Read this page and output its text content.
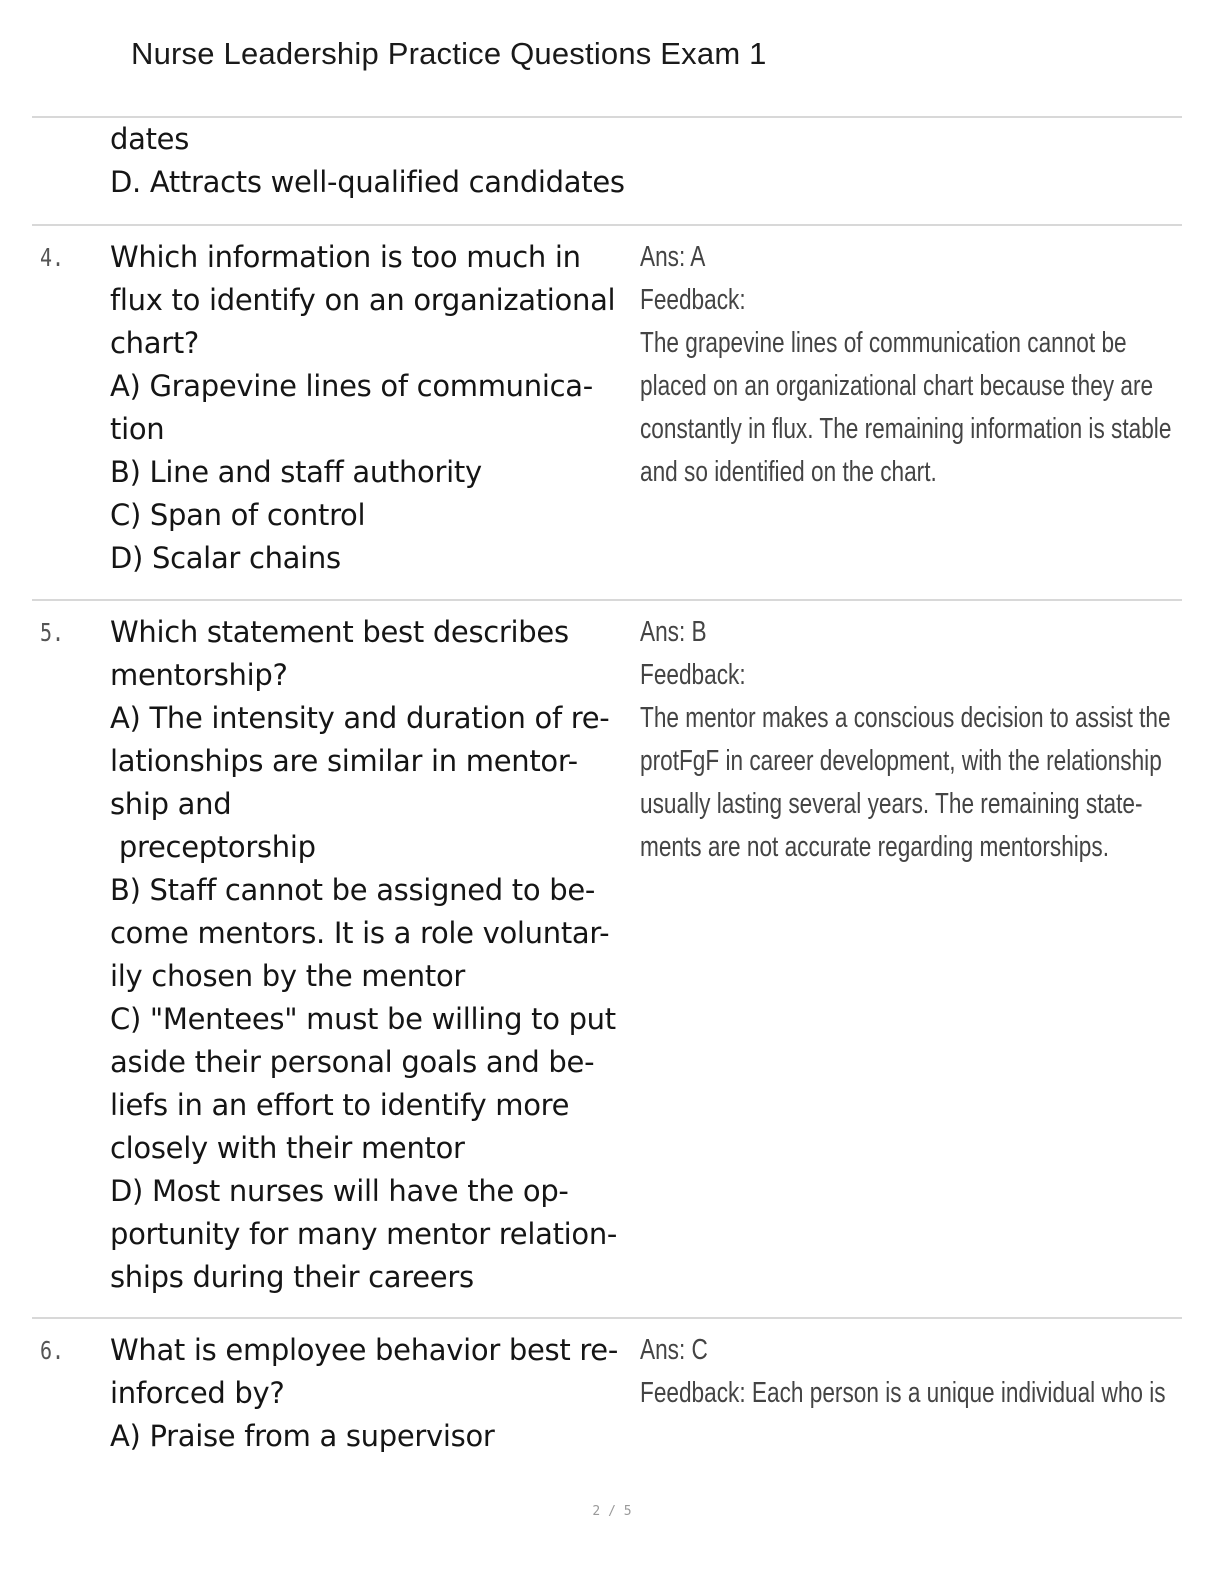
Nurse Leadership Practice Questions Exam 1
dates
D. Attracts well-qualified candidates
4. Which information is too much in
flux to identify on an organizational
chart?
A) Grapevine lines of communica-
tion
B) Line and staff authority
C) Span of control
D) Scalar chains
Ans: A
Feedback:
The grapevine lines of communication cannot be
placed on an organizational chart because they are
constantly in flux. The remaining information is stable
and so identified on the chart.
5. Which statement best describes
mentorship?
A) The intensity and duration of re-
lationships are similar in mentor-
ship and
preceptorship
B) Staff cannot be assigned to be-
come mentors. It is a role voluntar-
ily chosen by the mentor
C) "Mentees" must be willing to put
aside their personal goals and be-
liefs in an effort to identify more
closely with their mentor
D) Most nurses will have the op-
portunity for many mentor relation-
ships during their careers
Ans: B
Feedback:
The mentor makes a conscious decision to assist the
protFgF in career development, with the relationship
usually lasting several years. The remaining state-
ments are not accurate regarding mentorships.
6. What is employee behavior best re-
inforced by?
A) Praise from a supervisor
Ans: C
Feedback: Each person is a unique individual who is
2 / 5
